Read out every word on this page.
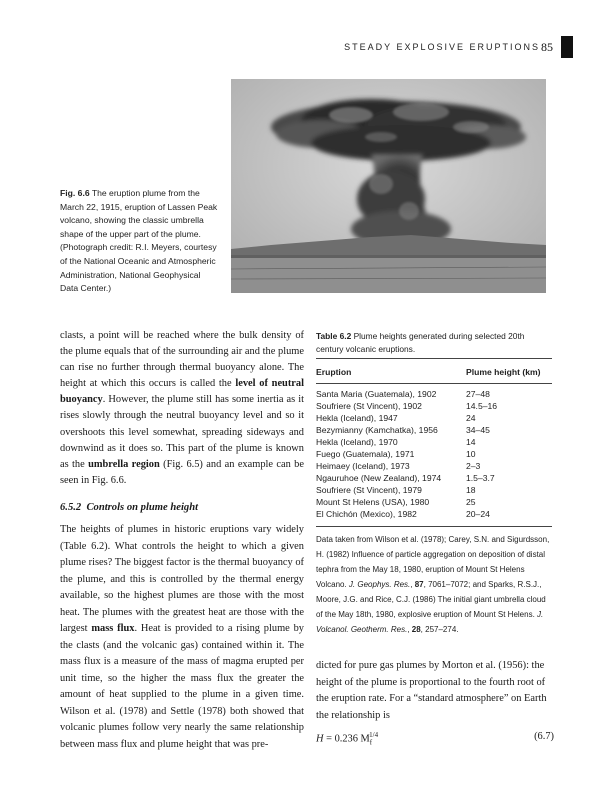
STEADY EXPLOSIVE ERUPTIONS 85
Fig. 6.6 The eruption plume from the March 22, 1915, eruption of Lassen Peak volcano, showing the classic umbrella shape of the upper part of the plume. (Photograph credit: R.I. Meyers, courtesy of the National Oceanic and Atmospheric Administration, National Geophysical Data Center.)

clasts, a point will be reached where the bulk density of the plume equals that of the surrounding air and the plume can rise no further through thermal buoyancy alone. The height at which this occurs is called the level of neutral buoyancy. However, the plume still has some inertia as it rises slowly through the neutral buoyancy level and so it overshoots this level somewhat, spreading sideways and downwind as it does so. This part of the plume is known as the umbrella region (Fig. 6.5) and an example can be seen in Fig. 6.6.

6.5.2 Controls on plume height
The heights of plumes in historic eruptions vary widely (Table 6.2). What controls the height to which a given plume rises? The biggest factor is the thermal buoyancy of the plume, and this is controlled by the thermal energy available, so the highest plumes are those with the most heat. The plumes with the greatest heat are those with the largest mass flux. Heat is provided to a rising plume by the clasts (and the volcanic gas) contained within it. The mass flux is a measure of the mass of magma erupted per unit time, so the higher the mass flux the greater the amount of heat supplied to the plume in a given time. Wilson et al. (1978) and Settle (1978) both showed that volcanic plumes follow very nearly the same relationship between mass flux and plume height that was pre-
Table 6.2 Plume heights generated during selected 20th century volcanic eruptions.
Eruption	Plume height (km)
Santa Maria (Guatemala), 1902	27–48
Soufriere (St Vincent), 1902	14.5–16
Hekla (Iceland), 1947	24
Bezymianny (Kamchatka), 1956	34–45
Hekla (Iceland), 1970	14
Fuego (Guatemala), 1971	10
Heimaey (Iceland), 1973	2–3
Ngauruhoe (New Zealand), 1974	1.5–3.7
Soufriere (St Vincent), 1979	18
Mount St Helens (USA), 1980	25
El Chichón (Mexico), 1982	20–24
Data taken from Wilson et al. (1978); Carey, S.N. and Sigurdsson, H. (1982) Influence of particle aggregation on deposition of distal tephra from the May 18, 1980, eruption of Mount St Helens Volcano. J. Geophys. Res., 87, 7061–7072; and Sparks, R.S.J., Moore, J.G. and Rice, C.J. (1986) The initial giant umbrella cloud of the May 18th, 1980, explosive eruption of Mount St Helens. J. Volcanol. Geotherm. Res., 28, 257–274.
dicted for pure gas plumes by Morton et al. (1956): the height of the plume is proportional to the fourth root of the eruption rate. For a “standard atmosphere” on Earth the relationship is
H = 0.236 $M_f^{1/4}$	(6.7)
